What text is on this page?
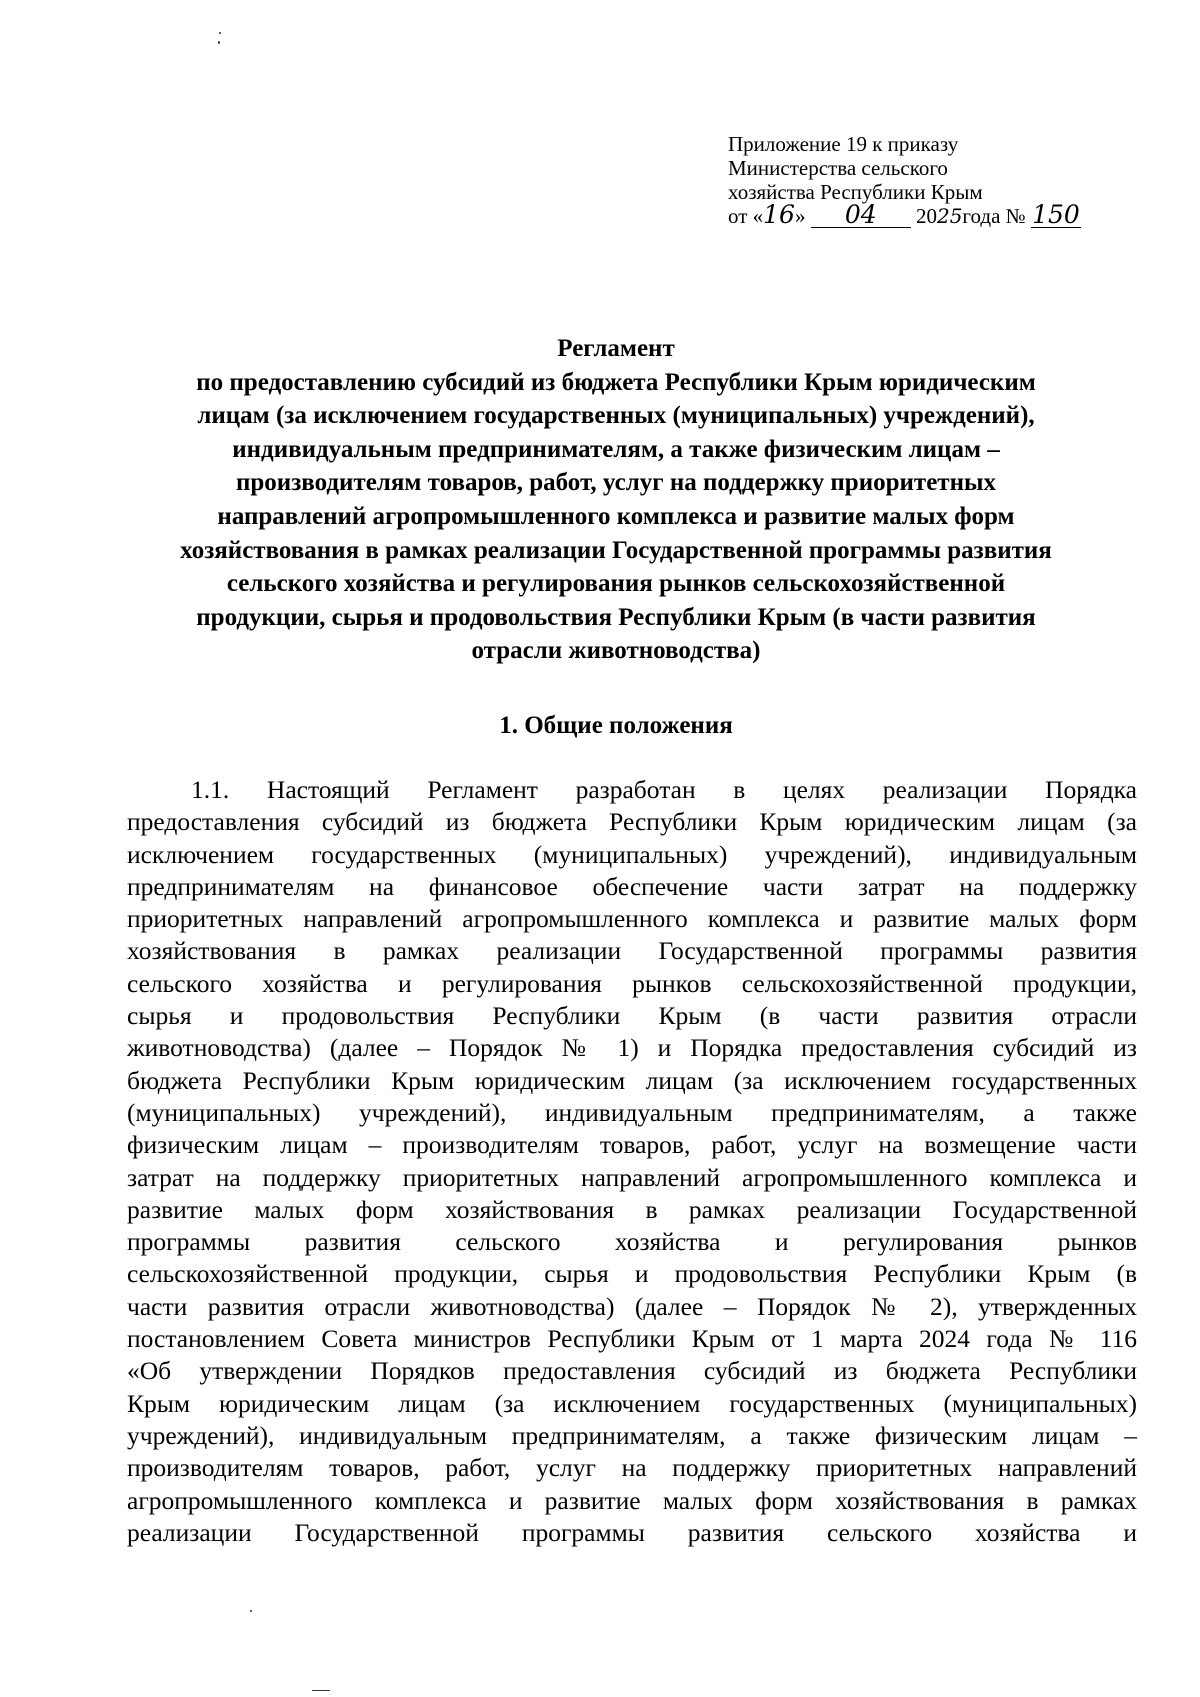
Приложение 19 к приказу
Министерства сельского
хозяйства Республики Крым
от «16» 04 2025года № 150
Регламент
по предоставлению субсидий из бюджета Республики Крым юридическим
лицам (за исключением государственных (муниципальных) учреждений),
индивидуальным предпринимателям, а также физическим лицам –
производителям товаров, работ, услуг на поддержку приоритетных
направлений агропромышленного комплекса и развитие малых форм
хозяйствования в рамках реализации Государственной программы развития
сельского хозяйства и регулирования рынков сельскохозяйственной
продукции, сырья и продовольствия Республики Крым (в части развития
отрасли животноводства)
1. Общие положения
1.1. Настоящий Регламент разработан в целях реализации Порядка
предоставления субсидий из бюджета Республики Крым юридическим лицам (за
исключением государственных (муниципальных) учреждений), индивидуальным
предпринимателям на финансовое обеспечение части затрат на поддержку
приоритетных направлений агропромышленного комплекса и развитие малых форм
хозяйствования в рамках реализации Государственной программы развития
сельского хозяйства и регулирования рынков сельскохозяйственной продукции,
сырья и продовольствия Республики Крым (в части развития отрасли
животноводства) (далее – Порядок № 1) и Порядка предоставления субсидий из
бюджета Республики Крым юридическим лицам (за исключением государственных
(муниципальных) учреждений), индивидуальным предпринимателям, а также
физическим лицам – производителям товаров, работ, услуг на возмещение части
затрат на поддержку приоритетных направлений агропромышленного комплекса и
развитие малых форм хозяйствования в рамках реализации Государственной
программы развития сельского хозяйства и регулирования рынков
сельскохозяйственной продукции, сырья и продовольствия Республики Крым (в
части развития отрасли животноводства) (далее – Порядок № 2), утвержденных
постановлением Совета министров Республики Крым от 1 марта 2024 года № 116
«Об утверждении Порядков предоставления субсидий из бюджета Республики
Крым юридическим лицам (за исключением государственных (муниципальных)
учреждений), индивидуальным предпринимателям, а также физическим лицам –
производителям товаров, работ, услуг на поддержку приоритетных направлений
агропромышленного комплекса и развитие малых форм хозяйствования в рамках
реализации Государственной программы развития сельского хозяйства и
